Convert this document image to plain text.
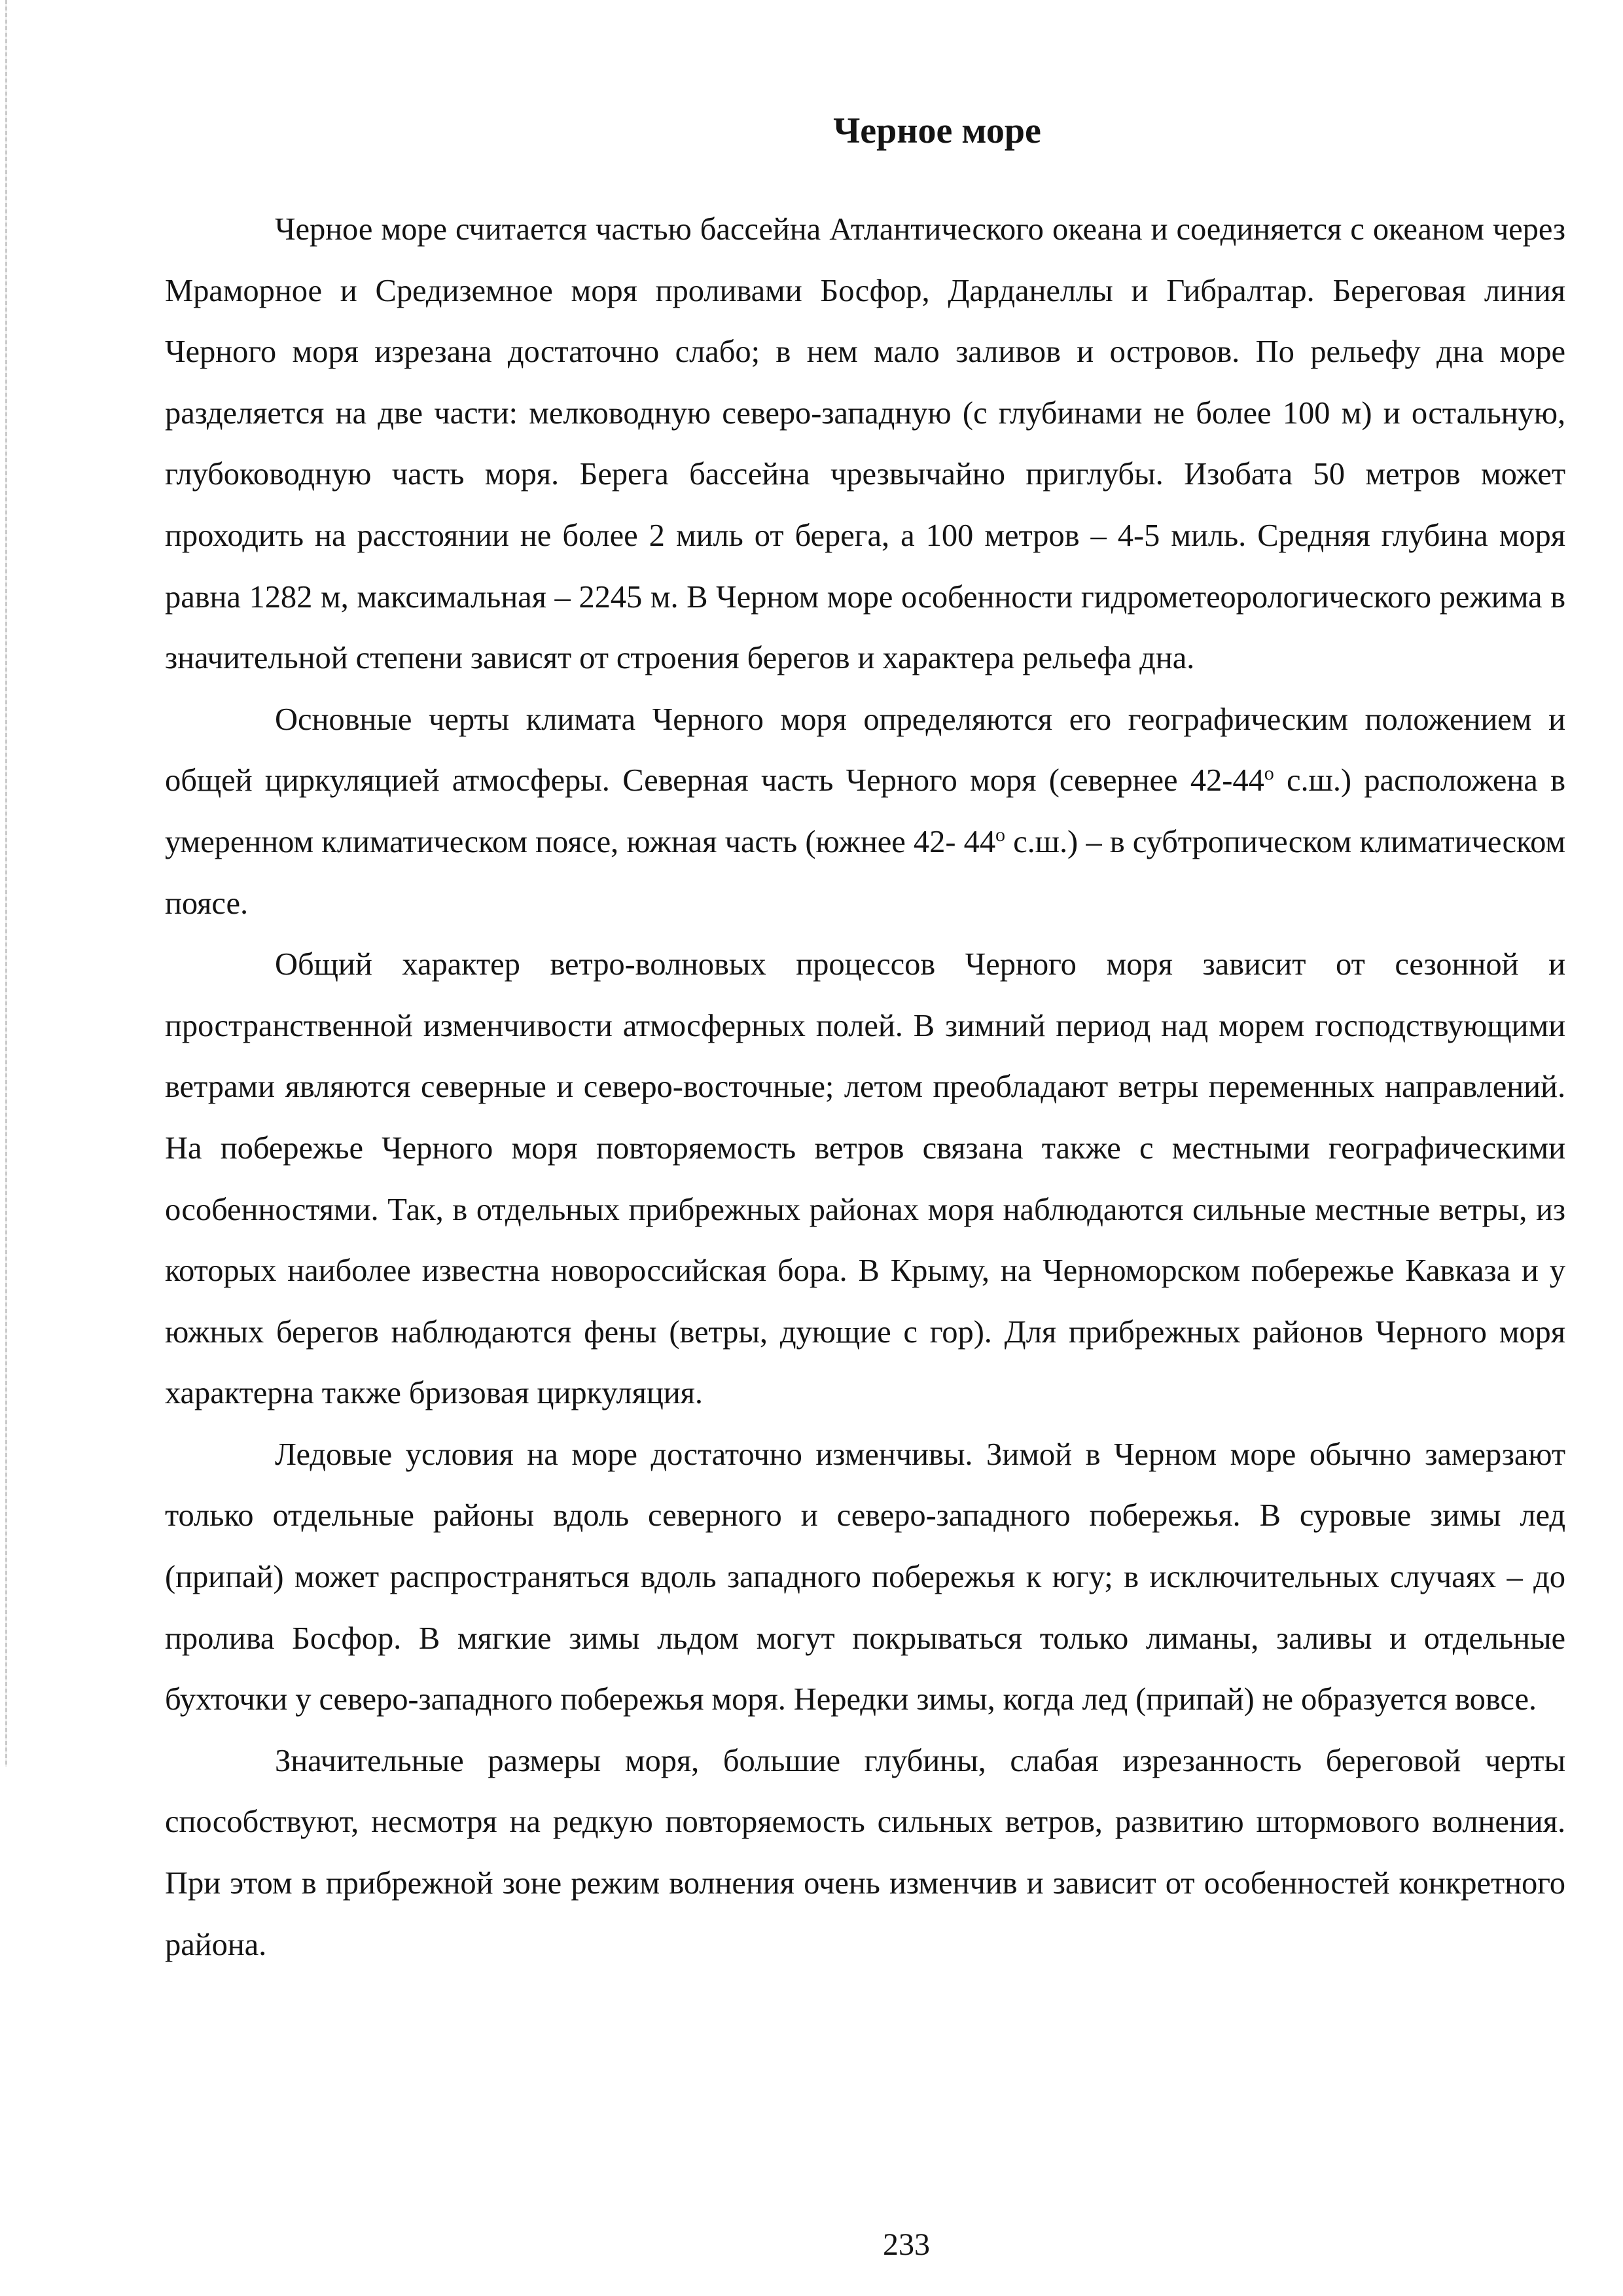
Черное море

Черное море считается частью бассейна Атлантического океана и соединяется с океаном через Мраморное и Средиземное моря проливами Босфор, Дарданеллы и Гибралтар. Береговая линия Черного моря изрезана достаточно слабо; в нем мало заливов и островов. По рельефу дна море разделяется на две части: мелководную северо-западную (с глубинами не более 100 м) и остальную, глубоководную часть моря. Берега бассейна чрезвычайно приглубы. Изобата 50 метров может проходить на расстоянии не более 2 миль от берега, а 100 метров – 4-5 миль. Средняя глубина моря равна 1282 м, максимальная – 2245 м. В Черном море особенности гидрометеорологического режима в значительной степени зависят от строения берегов и характера рельефа дна.

Основные черты климата Черного моря определяются его географическим положением и общей циркуляцией атмосферы. Северная часть Черного моря (севернее $42-44^о$ с.ш.) расположена в умеренном климатическом поясе, южная часть (южнее 42- $44^о$ с.ш.) – в субтропическом климатическом поясе.

Общий характер ветро-волновых процессов Черного моря зависит от сезонной и пространственной изменчивости атмосферных полей. В зимний период над морем господствующими ветрами являются северные и северо-восточные; летом преобладают ветры переменных направлений. На побережье Черного моря повторяемость ветров связана также с местными географическими особенностями. Так, в отдельных прибрежных районах моря наблюдаются сильные местные ветры, из которых наиболее известна новороссийская бора. В Крыму, на Черноморском побережье Кавказа и у южных берегов наблюдаются фены (ветры, дующие с гор). Для прибрежных районов Черного моря характерна также бризовая циркуляция.

Ледовые условия на море достаточно изменчивы. Зимой в Черном море обычно замерзают только отдельные районы вдоль северного и северо-западного побережья. В суровые зимы лед (припай) может распространяться вдоль западного побережья к югу; в исключительных случаях – до пролива Босфор. В мягкие зимы льдом могут покрываться только лиманы, заливы и отдельные бухточки у северо-западного побережья моря. Нередки зимы, когда лед (припай) не образуется вовсе.

Значительные размеры моря, большие глубины, слабая изрезанность береговой черты способствуют, несмотря на редкую повторяемость сильных ветров, развитию штормового волнения. При этом в прибрежной зоне режим волнения очень изменчив и зависит от особенностей конкретного района.

233
